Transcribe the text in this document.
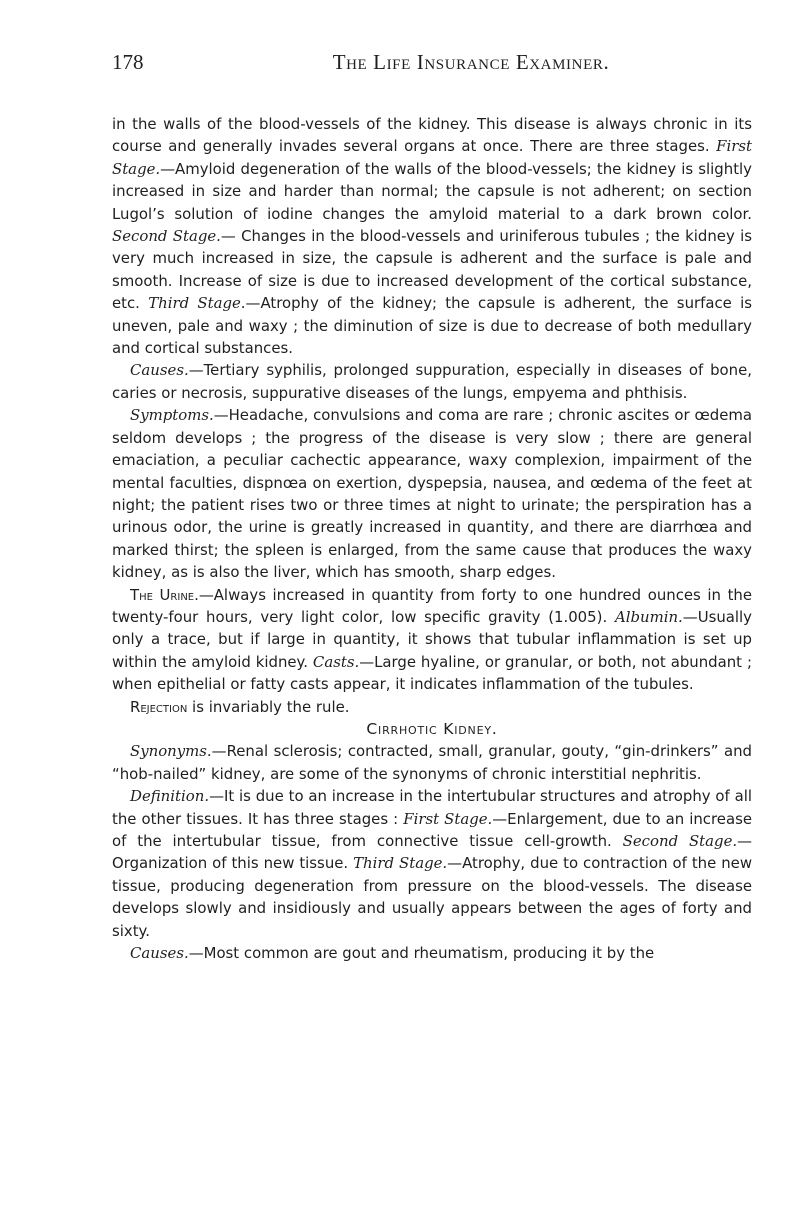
178	The Life Insurance Examiner.

in the walls of the blood-vessels of the kidney. This disease is always chronic in its course and generally invades several organs at once. There are three stages. First Stage.—Amyloid degeneration of the walls of the blood-vessels; the kidney is slightly increased in size and harder than normal; the capsule is not adherent; on section Lugol’s solution of iodine changes the amyloid material to a dark brown color. Second Stage.— Changes in the blood-vessels and uriniferous tubules ; the kidney is very much increased in size, the capsule is adherent and the surface is pale and smooth. Increase of size is due to increased development of the cortical substance, etc. Third Stage.—Atrophy of the kidney; the capsule is adherent, the surface is uneven, pale and waxy ; the diminution of size is due to decrease of both medullary and cortical substances.

Causes.—Tertiary syphilis, prolonged suppuration, especially in diseases of bone, caries or necrosis, suppurative diseases of the lungs, empyema and phthisis.

Symptoms.—Headache, convulsions and coma are rare ; chronic ascites or œdema seldom develops ; the progress of the disease is very slow ; there are general emaciation, a peculiar cachectic appearance, waxy complexion, impairment of the mental faculties, dispnœa on exertion, dyspepsia, nausea, and œdema of the feet at night; the patient rises two or three times at night to urinate; the perspiration has a urinous odor, the urine is greatly increased in quantity, and there are diarrhœa and marked thirst; the spleen is enlarged, from the same cause that produces the waxy kidney, as is also the liver, which has smooth, sharp edges.

The Urine.—Always increased in quantity from forty to one hundred ounces in the twenty-four hours, very light color, low specific gravity (1.005). Albumin.—Usually only a trace, but if large in quantity, it shows that tubular inflammation is set up within the amyloid kidney. Casts.—Large hyaline, or granular, or both, not abundant ; when epithelial or fatty casts appear, it indicates inflammation of the tubules.

Rejection is invariably the rule.

Cirrhotic Kidney.

Synonyms.—Renal sclerosis; contracted, small, granular, gouty, “gin-drinkers” and “hob-nailed” kidney, are some of the synonyms of chronic interstitial nephritis.

Definition.—It is due to an increase in the intertubular structures and atrophy of all the other tissues. It has three stages : First Stage.—Enlargement, due to an increase of the intertubular tissue, from connective tissue cell-growth. Second Stage.—Organization of this new tissue. Third Stage.—Atrophy, due to contraction of the new tissue, producing degeneration from pressure on the blood-vessels. The disease develops slowly and insidiously and usually appears between the ages of forty and sixty.

Causes.—Most common are gout and rheumatism, producing it by the
